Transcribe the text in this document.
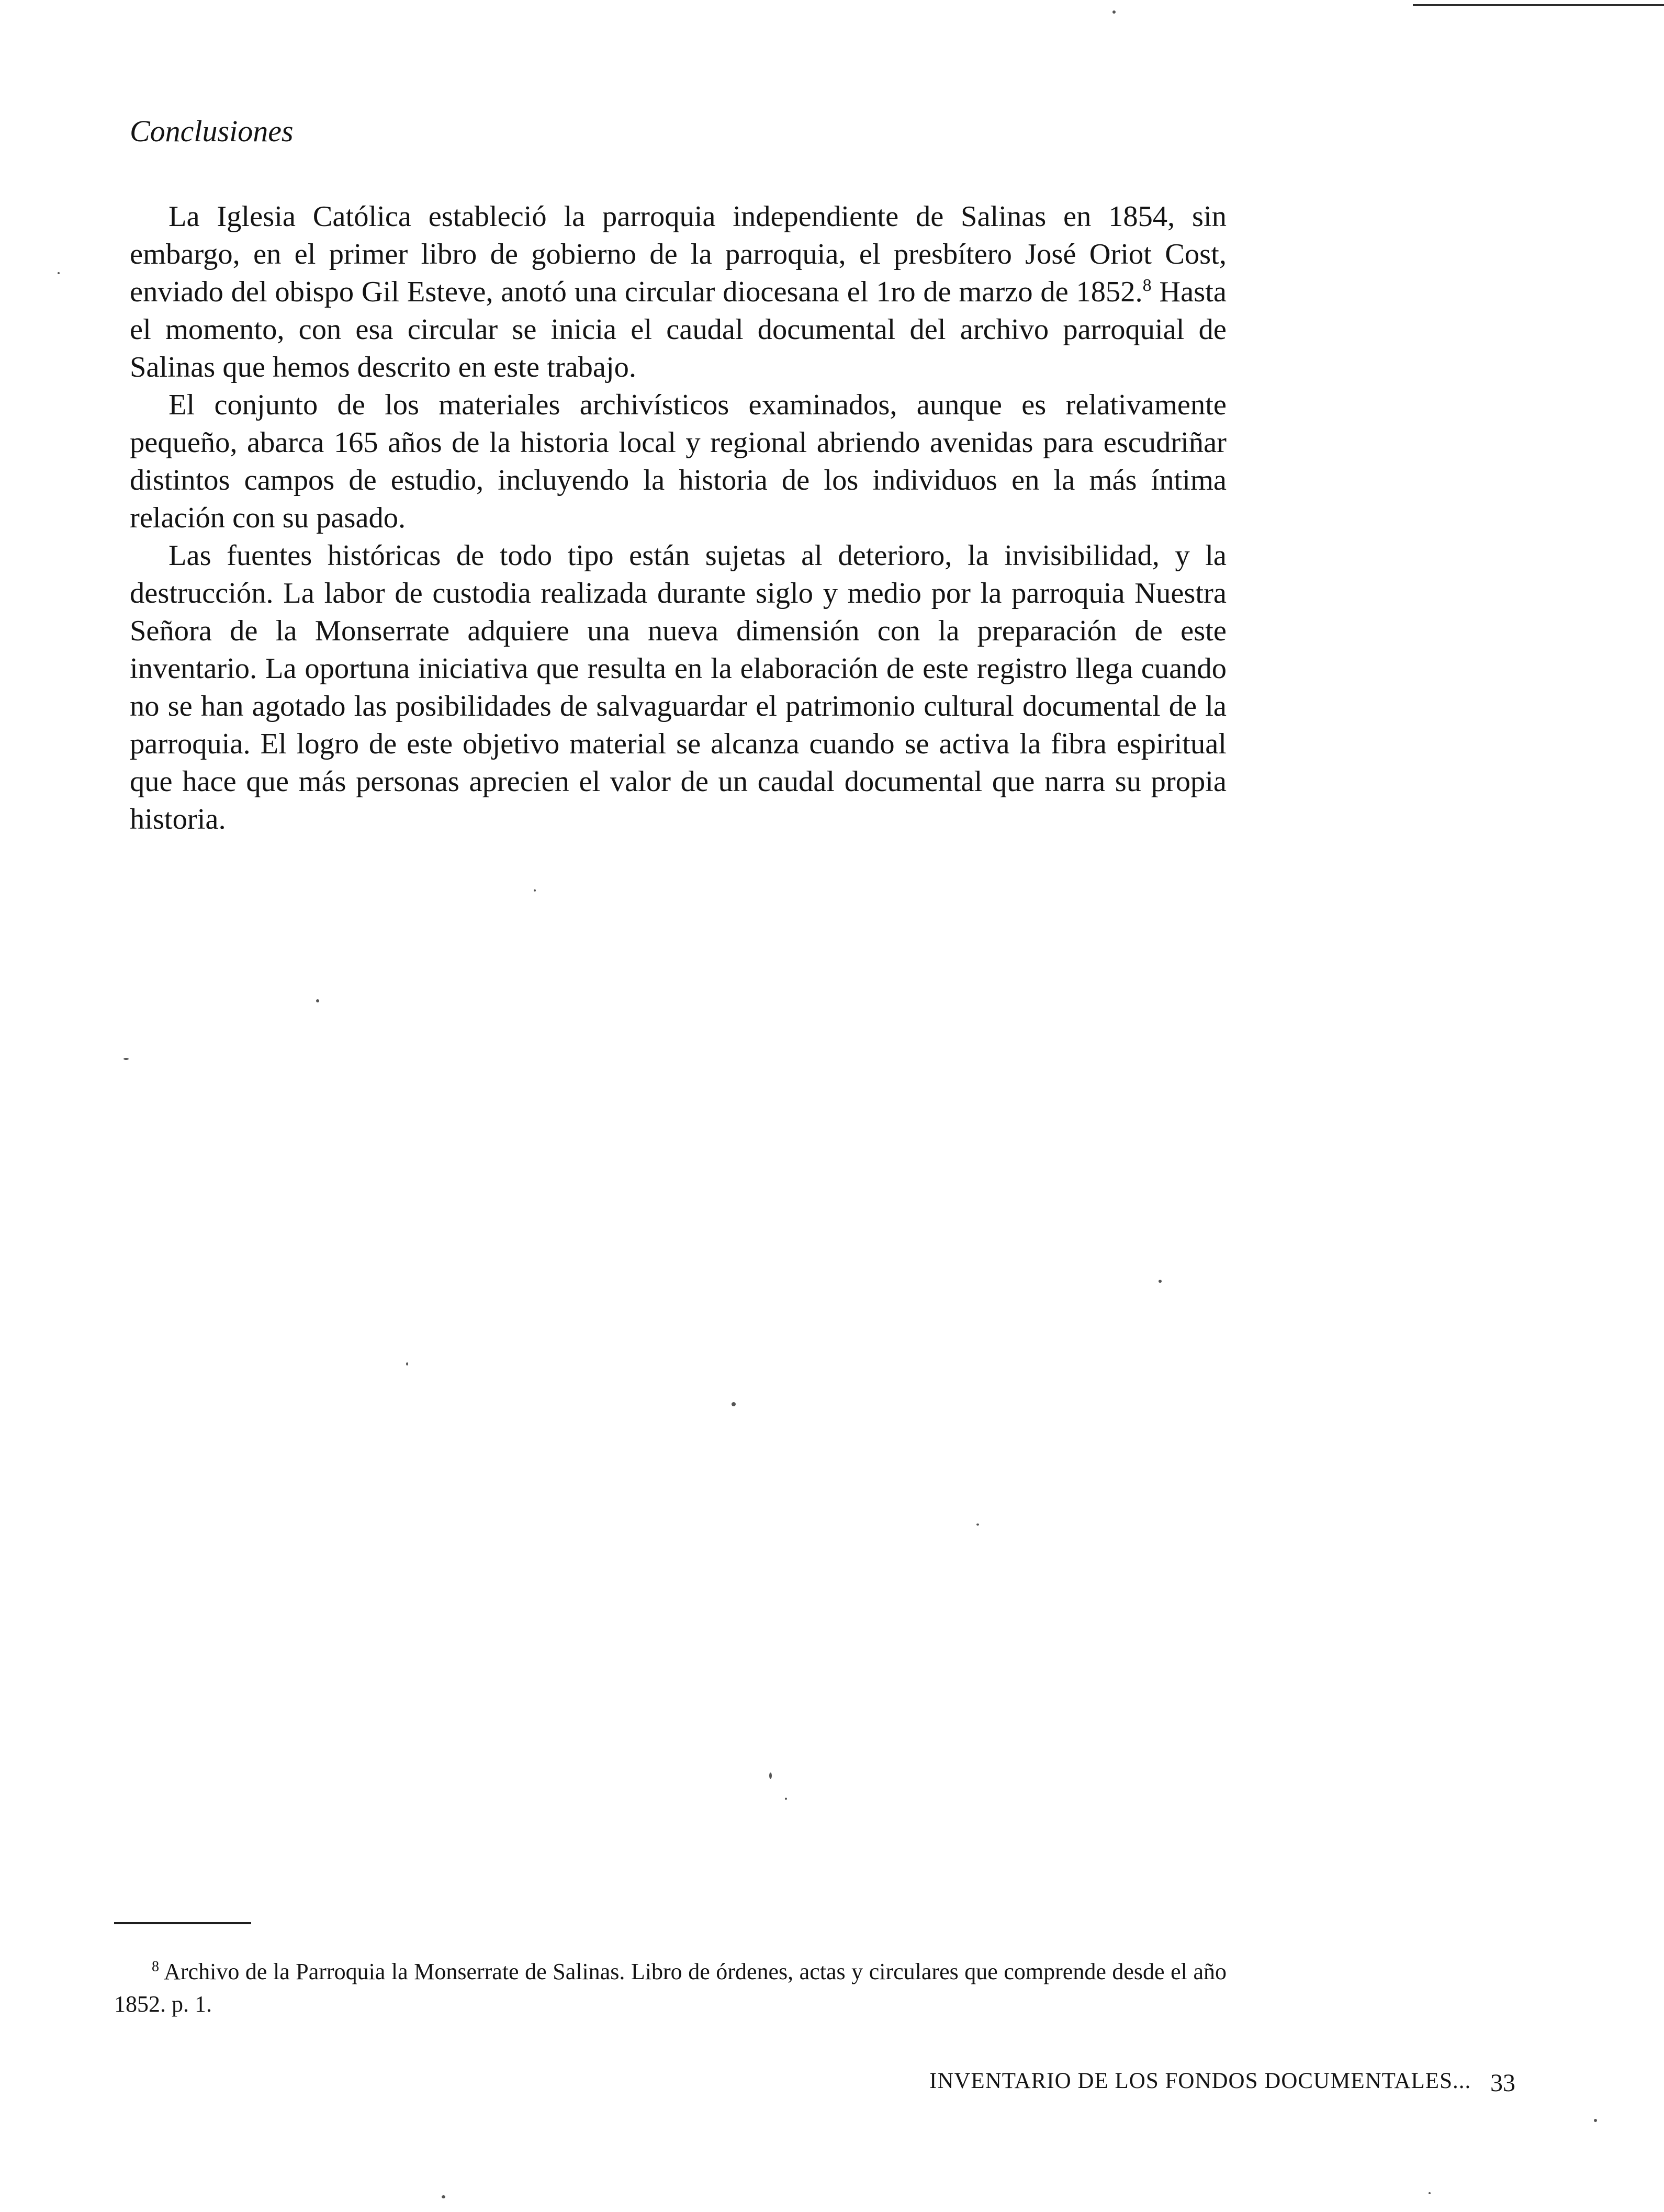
Conclusiones

La Iglesia Católica estableció la parroquia independiente de Salinas en 1854, sin embargo, en el primer libro de gobierno de la parroquia, el presbítero José Oriot Cost, enviado del obispo Gil Esteve, anotó una circular diocesana el 1ro de marzo de 1852.$^8$ Hasta el momento, con esa circular se inicia el caudal documental del archivo parroquial de Salinas que hemos descrito en este trabajo.

El conjunto de los materiales archivísticos examinados, aunque es relativamente pequeño, abarca 165 años de la historia local y regional abriendo avenidas para escudriñar distintos campos de estudio, incluyendo la historia de los individuos en la más íntima relación con su pasado.

Las fuentes históricas de todo tipo están sujetas al deterioro, la invisibilidad, y la destrucción. La labor de custodia realizada durante siglo y medio por la parroquia Nuestra Señora de la Monserrate adquiere una nueva dimensión con la preparación de este inventario. La oportuna iniciativa que resulta en la elaboración de este registro llega cuando no se han agotado las posibilidades de salvaguardar el patrimonio cultural documental de la parroquia. El logro de este objetivo material se alcanza cuando se activa la fibra espiritual que hace que más personas aprecien el valor de un caudal documental que narra su propia historia.

$^8$ Archivo de la Parroquia la Monserrate de Salinas. Libro de órdenes, actas y circulares que comprende desde el año 1852. p. 1.

INVENTARIO DE LOS FONDOS DOCUMENTALES... 33
